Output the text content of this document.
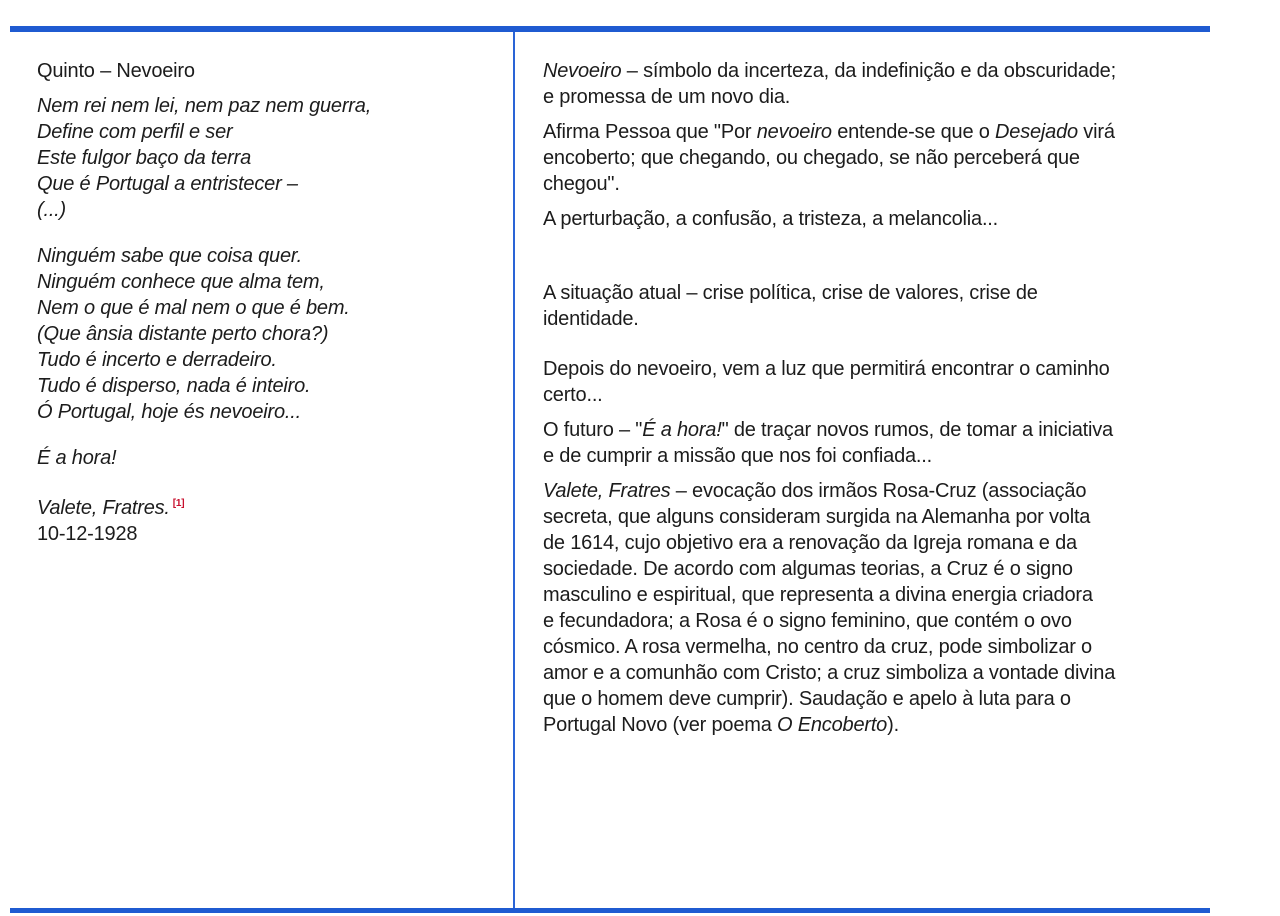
Quinto – Nevoeiro
Nem rei nem lei, nem paz nem guerra,
Define com perfil e ser
Este fulgor baço da terra
Que é Portugal a entristecer –
(...)
Ninguém sabe que coisa quer.
Ninguém conhece que alma tem,
Nem o que é mal nem o que é bem.
(Que ânsia distante perto chora?)
Tudo é incerto e derradeiro.
Tudo é disperso, nada é inteiro.
Ó Portugal, hoje és nevoeiro...
É a hora!
Valete, Fratres. [1]
10-12-1928
Nevoeiro – símbolo da incerteza, da indefinição e da obscuridade;
e promessa de um novo dia.
Afirma Pessoa que "Por nevoeiro entende-se que o Desejado virá
encoberto; que chegando, ou chegado, se não perceberá que
chegou".
A perturbação, a confusão, a tristeza, a melancolia...
A situação atual – crise política, crise de valores, crise de
identidade.
Depois do nevoeiro, vem a luz que permitirá encontrar o caminho
certo...
O futuro – "É a hora!" de traçar novos rumos, de tomar a iniciativa
e de cumprir a missão que nos foi confiada...
Valete, Fratres – evocação dos irmãos Rosa-Cruz (associação
secreta, que alguns consideram surgida na Alemanha por volta
de 1614, cujo objetivo era a renovação da Igreja romana e da
sociedade. De acordo com algumas teorias, a Cruz é o signo
masculino e espiritual, que representa a divina energia criadora
e fecundadora; a Rosa é o signo feminino, que contém o ovo
cósmico. A rosa vermelha, no centro da cruz, pode simbolizar o
amor e a comunhão com Cristo; a cruz simboliza a vontade divina
que o homem deve cumprir). Saudação e apelo à luta para o
Portugal Novo (ver poema O Encoberto).
